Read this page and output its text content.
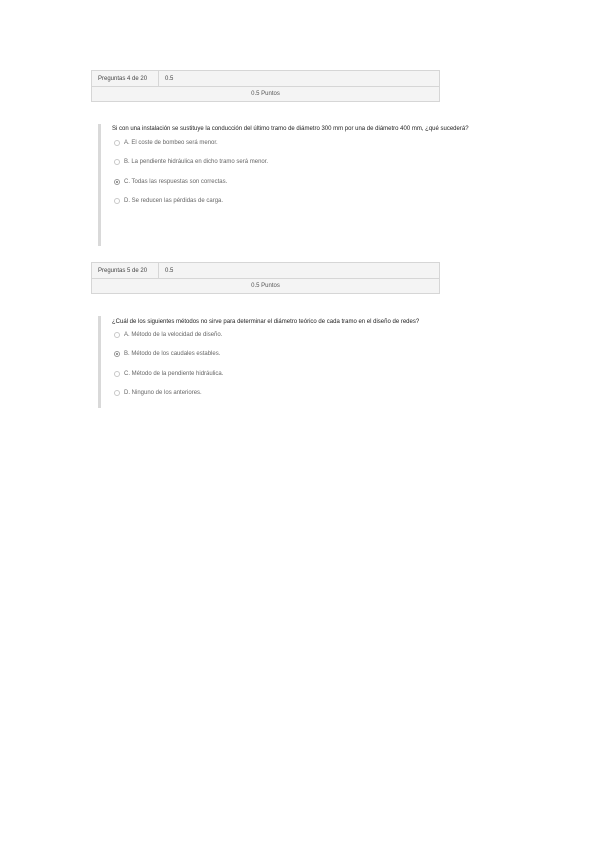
Preguntas 4 de 20	0.5
0.5 Puntos
Si con una instalación se sustituye la conducción del último tramo de diámetro 300 mm por una de diámetro 400 mm, ¿qué sucederá?
A. El coste de bombeo será menor.
B. La pendiente hidráulica en dicho tramo será menor.
C. Todas las respuestas son correctas.
D. Se reducen las pérdidas de carga.
Preguntas 5 de 20	0.5
0.5 Puntos
¿Cuál de los siguientes métodos no sirve para determinar el diámetro teórico de cada tramo en el diseño de redes?
A. Método de la velocidad de diseño.
B. Método de los caudales estables.
C. Método de la pendiente hidráulica.
D. Ninguno de los anteriores.
